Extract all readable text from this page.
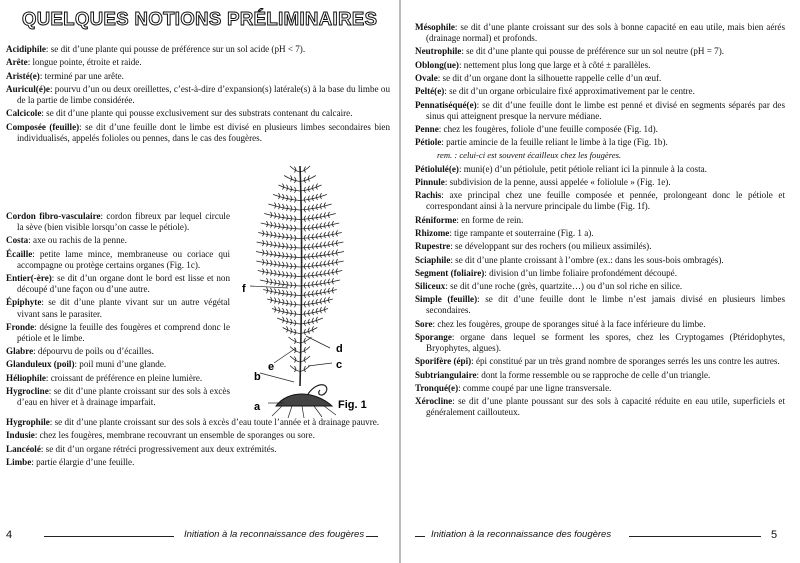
QUELQUES NOTIONS PRÉLIMINAIRES

Acidiphile: se dit d’une plante qui pousse de préférence sur un sol acide (pH < 7).

Arête: longue pointe, étroite et raide.

Aristé(e): terminé par une arête.

Auricul(é)e: pourvu d’un ou deux oreillettes, c’est-à-dire d’expansion(s) latérale(s) à la base du limbe ou de la partie de limbe considérée.

Calcicole: se dit d’une plante qui pousse exclusivement sur des substrats contenant du calcaire.

Composée (feuille): se dit d’une feuille dont le limbe est divisé en plusieurs limbes secondaires bien individualisés, appelés folioles ou pennes, dans le cas des fougères.

Cordon fibro-vasculaire: cordon fibreux par lequel circule la sève (bien visible lorsqu’on casse le pétiole).

Costa: axe ou rachis de la penne.

Écaille: petite lame mince, membraneuse ou coriace qui accompagne ou protège certains organes (Fig. 1c).

Entier(-ère): se dit d’un organe dont le bord est lisse et non découpé d’une façon ou d’une autre.

Épiphyte: se dit d’une plante vivant sur un autre végétal vivant sans le parasiter.

Fronde: désigne la feuille des fougères et comprend donc le pétiole et le limbe.

Glabre: dépourvu de poils ou d’écailles.

Glanduleux (poil): poil muni d’une glande.

Héliophile: croissant de préférence en pleine lumière.

Hygrocline: se dit d’une plante croissant sur des sols à excès d’eau en hiver et à drainage imparfait.

f
e
b
a
d
c
Fig. 1

Hygrophile: se dit d’une plante croissant sur des sols à excès d’eau toute l’année et à drainage pauvre.

Indusie: chez les fougères, membrane recouvrant un ensemble de sporanges ou sore.

Lancéolé: se dit d’un organe rétréci progressivement aux deux extrémités.

Limbe: partie élargie d’une feuille.

4	Initiation à la reconnaissance des fougères

Mésophile: se dit d’une plante croissant sur des sols à bonne capacité en eau utile, mais bien aérés (drainage normal) et profonds.

Neutrophile: se dit d’une plante qui pousse de préférence sur un sol neutre (pH = 7).

Oblong(ue): nettement plus long que large et à côté ± parallèles.

Ovale: se dit d’un organe dont la silhouette rappelle celle d’un œuf.

Pelté(e): se dit d’un organe orbiculaire fixé approximativement par le centre.

Pennatiséqué(e): se dit d’une feuille dont le limbe est penné et divisé en segments séparés par des sinus qui atteignent presque la nervure médiane.

Penne: chez les fougères, foliole d’une feuille composée (Fig. 1d).

Pétiole: partie amincie de la feuille reliant le limbe à la tige (Fig. 1b).

rem. : celui-ci est souvent écailleux chez les fougères.

Pétiolulé(e): muni(e) d’un pétiolule, petit pétiole reliant ici la pinnule à la costa.

Pinnule: subdivision de la penne, aussi appelée « foliolule » (Fig. 1e).

Rachis: axe principal chez une feuille composée et pennée, prolongeant donc le pétiole et correspondant ainsi à la nervure principale du limbe (Fig. 1f).

Réniforme: en forme de rein.

Rhizome: tige rampante et souterraine (Fig. 1 a).

Rupestre: se développant sur des rochers (ou milieux assimilés).

Sciaphile: se dit d’une plante croissant à l’ombre (ex.: dans les sous-bois ombragés).

Segment (foliaire): division d’un limbe foliaire profondément découpé.

Siliceux: se dit d’une roche (grès, quartzite…) ou d’un sol riche en silice.

Simple (feuille): se dit d’une feuille dont le limbe n’est jamais divisé en plusieurs limbes secondaires.

Sore: chez les fougères, groupe de sporanges situé à la face inférieure du limbe.

Sporange: organe dans lequel se forment les spores, chez les Cryptogames (Ptéridophytes, Bryophytes, algues).

Sporifère (épi): épi constitué par un très grand nombre de sporanges serrés les uns contre les autres.

Subtriangulaire: dont la forme ressemble ou se rapproche de celle d’un triangle.

Tronqué(e): comme coupé par une ligne transversale.

Xérocline: se dit d’une plante poussant sur des sols à capacité réduite en eau utile, superficiels et généralement caillouteux.

Initiation à la reconnaissance des fougères	5
